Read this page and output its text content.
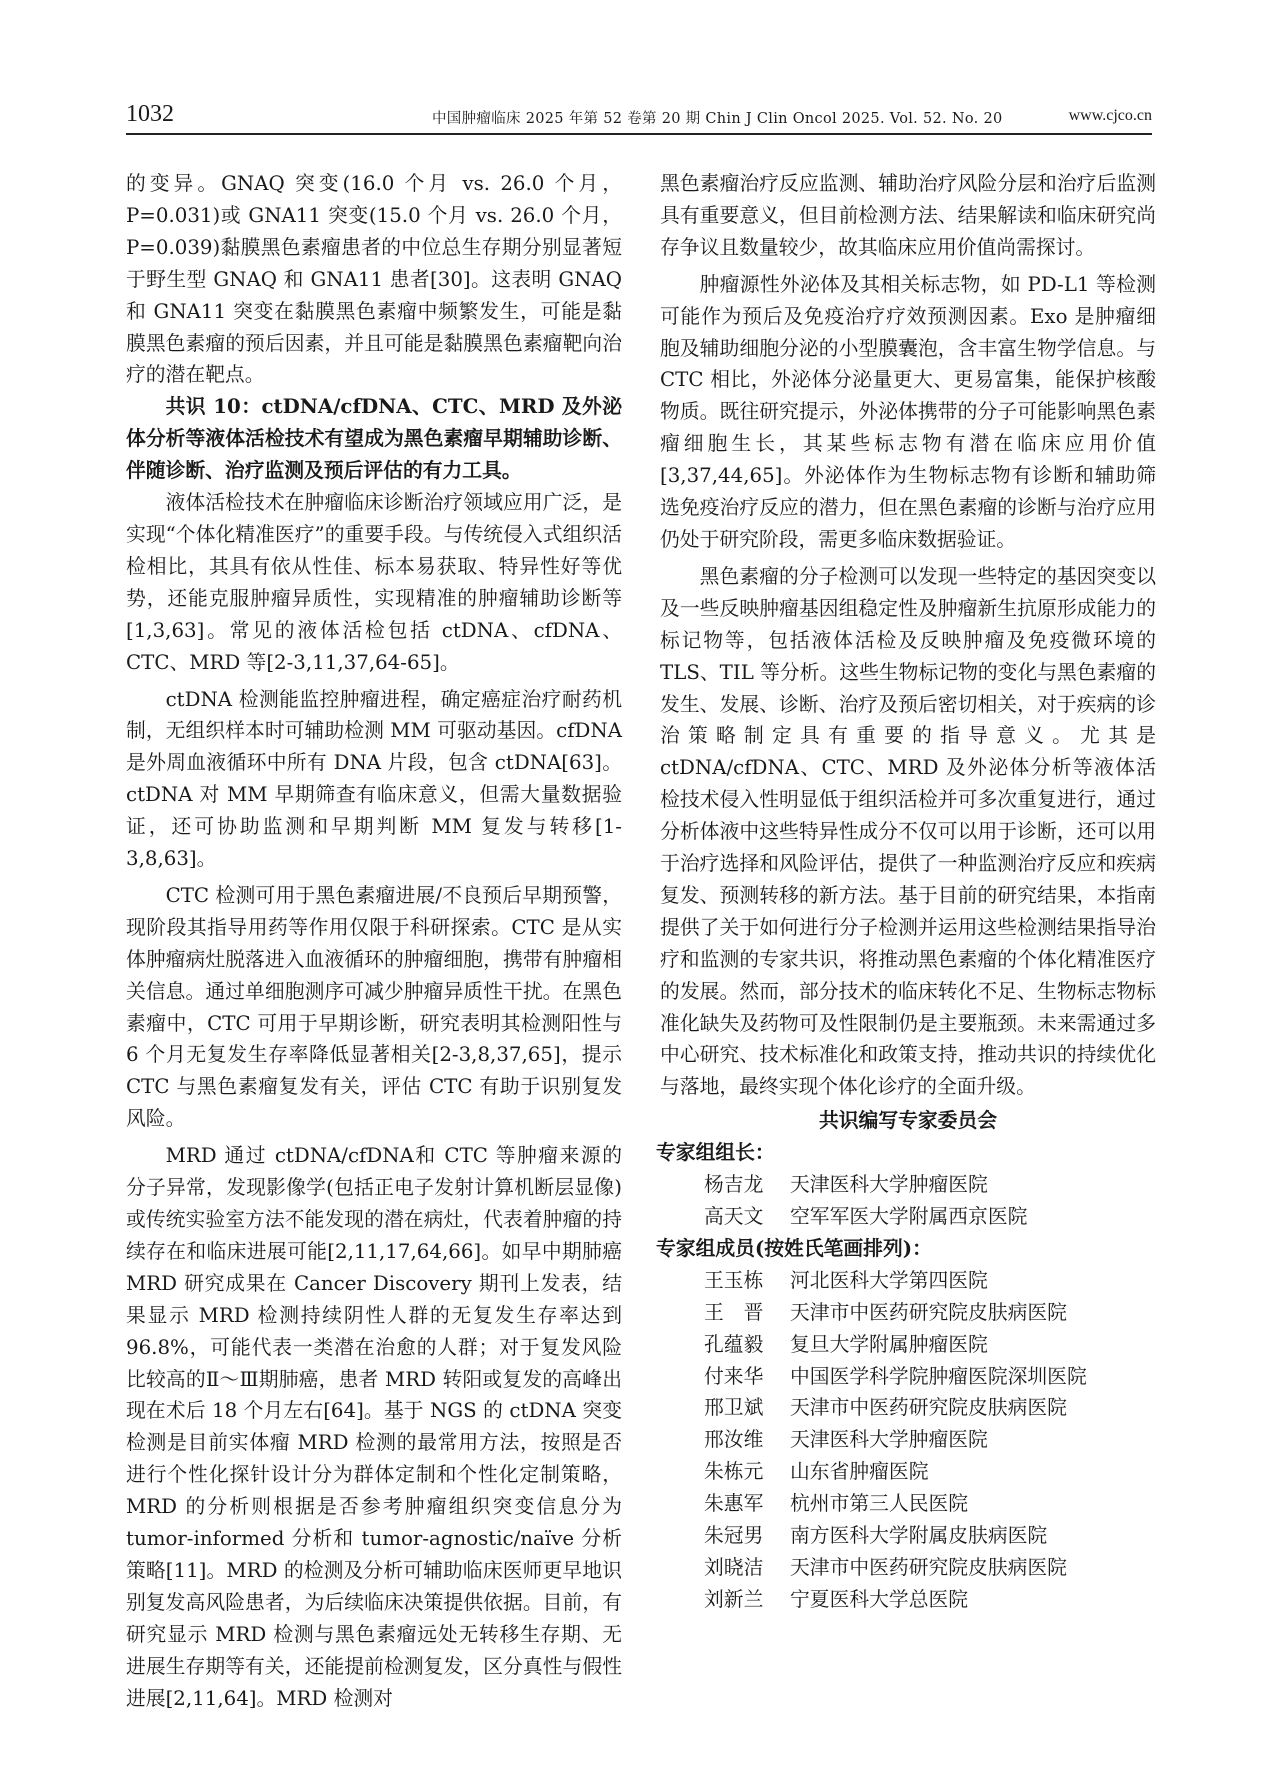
1032	中国肿瘤临床 2025 年第 52 卷第 20 期 Chin J Clin Oncol 2025. Vol. 52. No. 20	www.cjco.cn

的变异。GNAQ 突变(16.0 个月 vs. 26.0 个月，P=0.031)或 GNA11 突变(15.0 个月 vs. 26.0 个月，P=0.039)黏膜黑色素瘤患者的中位总生存期分别显著短于野生型 GNAQ 和 GNA11 患者[30]。这表明 GNAQ 和 GNA11 突变在黏膜黑色素瘤中频繁发生，可能是黏膜黑色素瘤的预后因素，并且可能是黏膜黑色素瘤靶向治疗的潜在靶点。

共识 10：ctDNA/cfDNA、CTC、MRD 及外泌体分析等液体活检技术有望成为黑色素瘤早期辅助诊断、伴随诊断、治疗监测及预后评估的有力工具。

液体活检技术在肿瘤临床诊断治疗领域应用广泛，是实现“个体化精准医疗”的重要手段。与传统侵入式组织活检相比，其具有依从性佳、标本易获取、特异性好等优势，还能克服肿瘤异质性，实现精准的肿瘤辅助诊断等[1,3,63]。常见的液体活检包括 ctDNA、cfDNA、CTC、MRD 等[2-3,11,37,64-65]。

ctDNA 检测能监控肿瘤进程，确定癌症治疗耐药机制，无组织样本时可辅助检测 MM 可驱动基因。cfDNA 是外周血液循环中所有 DNA 片段，包含 ctDNA[63]。ctDNA 对 MM 早期筛查有临床意义，但需大量数据验证，还可协助监测和早期判断 MM 复发与转移[1-3,8,63]。

CTC 检测可用于黑色素瘤进展/不良预后早期预警，现阶段其指导用药等作用仅限于科研探索。CTC 是从实体肿瘤病灶脱落进入血液循环的肿瘤细胞，携带有肿瘤相关信息。通过单细胞测序可减少肿瘤异质性干扰。在黑色素瘤中，CTC 可用于早期诊断，研究表明其检测阳性与 6 个月无复发生存率降低显著相关[2-3,8,37,65]，提示 CTC 与黑色素瘤复发有关，评估 CTC 有助于识别复发风险。

MRD 通过 ctDNA/cfDNA和 CTC 等肿瘤来源的分子异常，发现影像学(包括正电子发射计算机断层显像)或传统实验室方法不能发现的潜在病灶，代表着肿瘤的持续存在和临床进展可能[2,11,17,64,66]。如早中期肺癌 MRD 研究成果在 Cancer Discovery 期刊上发表，结果显示 MRD 检测持续阴性人群的无复发生存率达到 96.8%，可能代表一类潜在治愈的人群；对于复发风险比较高的Ⅱ～Ⅲ期肺癌，患者 MRD 转阳或复发的高峰出现在术后 18 个月左右[64]。基于 NGS 的 ctDNA 突变检测是目前实体瘤 MRD 检测的最常用方法，按照是否进行个性化探针设计分为群体定制和个性化定制策略，MRD 的分析则根据是否参考肿瘤组织突变信息分为 tumor-informed 分析和 tumor-agnostic/naïve 分析策略[11]。MRD 的检测及分析可辅助临床医师更早地识别复发高风险患者，为后续临床决策提供依据。目前，有研究显示 MRD 检测与黑色素瘤远处无转移生存期、无进展生存期等有关，还能提前检测复发，区分真性与假性进展[2,11,64]。MRD 检测对

黑色素瘤治疗反应监测、辅助治疗风险分层和治疗后监测具有重要意义，但目前检测方法、结果解读和临床研究尚存争议且数量较少，故其临床应用价值尚需探讨。

肿瘤源性外泌体及其相关标志物，如 PD-L1 等检测可能作为预后及免疫治疗疗效预测因素。Exo 是肿瘤细胞及辅助细胞分泌的小型膜囊泡，含丰富生物学信息。与 CTC 相比，外泌体分泌量更大、更易富集，能保护核酸物质。既往研究提示，外泌体携带的分子可能影响黑色素瘤细胞生长，其某些标志物有潜在临床应用价值[3,37,44,65]。外泌体作为生物标志物有诊断和辅助筛选免疫治疗反应的潜力，但在黑色素瘤的诊断与治疗应用仍处于研究阶段，需更多临床数据验证。

黑色素瘤的分子检测可以发现一些特定的基因突变以及一些反映肿瘤基因组稳定性及肿瘤新生抗原形成能力的标记物等，包括液体活检及反映肿瘤及免疫微环境的 TLS、TIL 等分析。这些生物标记物的变化与黑色素瘤的发生、发展、诊断、治疗及预后密切相关，对于疾病的诊治策略制定具有重要的指导意义。尤其是 ctDNA/cfDNA、CTC、MRD 及外泌体分析等液体活检技术侵入性明显低于组织活检并可多次重复进行，通过分析体液中这些特异性成分不仅可以用于诊断，还可以用于治疗选择和风险评估，提供了一种监测治疗反应和疾病复发、预测转移的新方法。基于目前的研究结果，本指南提供了关于如何进行分子检测并运用这些检测结果指导治疗和监测的专家共识，将推动黑色素瘤的个体化精准医疗的发展。然而，部分技术的临床转化不足、生物标志物标准化缺失及药物可及性限制仍是主要瓶颈。未来需通过多中心研究、技术标准化和政策支持，推动共识的持续优化与落地，最终实现个体化诊疗的全面升级。

共识编写专家委员会

专家组组长：

杨吉龙	天津医科大学肿瘤医院
高天文	空军军医大学附属西京医院

专家组成员(按姓氏笔画排列)：

王玉栋	河北医科大学第四医院
王　晋	天津市中医药研究院皮肤病医院
孔蕴毅	复旦大学附属肿瘤医院
付来华	中国医学科学院肿瘤医院深圳医院
邢卫斌	天津市中医药研究院皮肤病医院
邢汝维	天津医科大学肿瘤医院
朱栋元	山东省肿瘤医院
朱惠军	杭州市第三人民医院
朱冠男	南方医科大学附属皮肤病医院
刘晓洁	天津市中医药研究院皮肤病医院
刘新兰	宁夏医科大学总医院
